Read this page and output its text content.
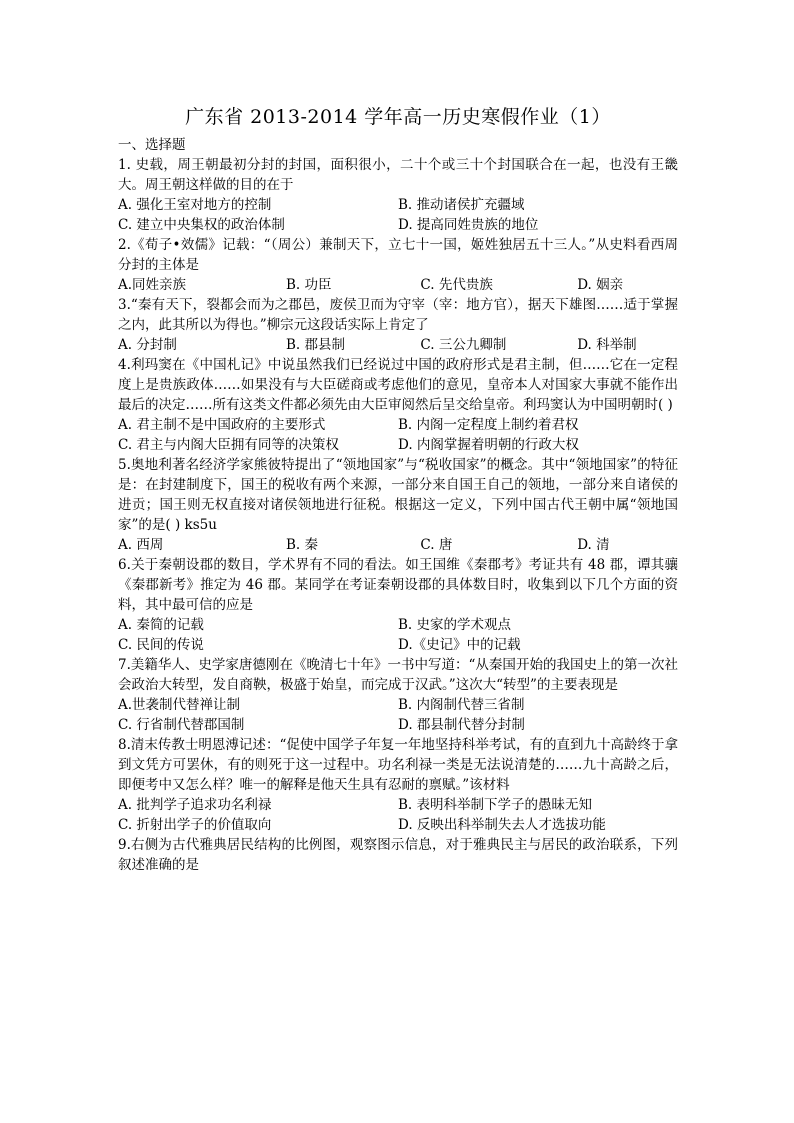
广东省 2013-2014 学年高一历史寒假作业（1）
一、选择题
1. 史载，周王朝最初分封的封国，面积很小，二十个或三十个封国联合在一起，也没有王畿大。周王朝这样做的目的在于
A. 强化王室对地方的控制	B. 推动诸侯扩充疆域
C. 建立中央集权的政治体制	D. 提高同姓贵族的地位
2.《荀子•效儒》记载：“（周公）兼制天下，立七十一国，姬姓独居五十三人。”从史料看西周分封的主体是
A.同姓亲族	B. 功臣	C. 先代贵族	D. 姻亲
3.“秦有天下，裂都会而为之郡邑，废侯卫而为守宰（宰：地方官），据天下雄图……适于掌握之内，此其所以为得也。”柳宗元这段话实际上肯定了
A. 分封制	B. 郡县制	C. 三公九卿制	D. 科举制
4.利玛窦在《中国札记》中说虽然我们已经说过中国的政府形式是君主制，但……它在一定程度上是贵族政体……如果没有与大臣磋商或考虑他们的意见，皇帝本人对国家大事就不能作出最后的决定……所有这类文件都必须先由大臣审阅然后呈交给皇帝。利玛窦认为中国明朝时( )
A. 君主制不是中国政府的主要形式	B. 内阁一定程度上制约着君权
C. 君主与内阁大臣拥有同等的决策权	D. 内阁掌握着明朝的行政大权
5.奥地利著名经济学家熊彼特提出了“领地国家”与“税收国家”的概念。其中“领地国家”的特征是：在封建制度下，国王的税收有两个来源，一部分来自国王自己的领地，一部分来自诸侯的进贡；国王则无权直接对诸侯领地进行征税。根据这一定义，下列中国古代王朝中属“领地国家”的是( ) ks5u
A. 西周	B. 秦	C. 唐	D. 清
6.关于秦朝设郡的数目，学术界有不同的看法。如王国维《秦郡考》考证共有 48 郡，谭其骧《秦郡新考》推定为 46 郡。某同学在考证秦朝设郡的具体数目时，收集到以下几个方面的资料，其中最可信的应是
A. 秦简的记载	B. 史家的学术观点
C. 民间的传说	D.《史记》中的记载
7.美籍华人、史学家唐德刚在《晚清七十年》一书中写道：“从秦国开始的我国史上的第一次社会政治大转型，发自商鞅，极盛于始皇，而完成于汉武。”这次大“转型”的主要表现是
A.世袭制代替禅让制	B. 内阁制代替三省制
C. 行省制代替郡国制	D. 郡县制代替分封制
8.清末传教士明恩溥记述：“促使中国学子年复一年地坚持科举考试，有的直到九十高龄终于拿到文凭方可罢休，有的则死于这一过程中。功名利禄一类是无法说清楚的……九十高龄之后，即便考中又怎么样？唯一的解释是他天生具有忍耐的禀赋。”该材料
A. 批判学子追求功名利禄	B. 表明科举制下学子的愚昧无知
C. 折射出学子的价值取向	D. 反映出科举制失去人才选拔功能
9.右侧为古代雅典居民结构的比例图，观察图示信息，对于雅典民主与居民的政治联系，下列叙述准确的是
